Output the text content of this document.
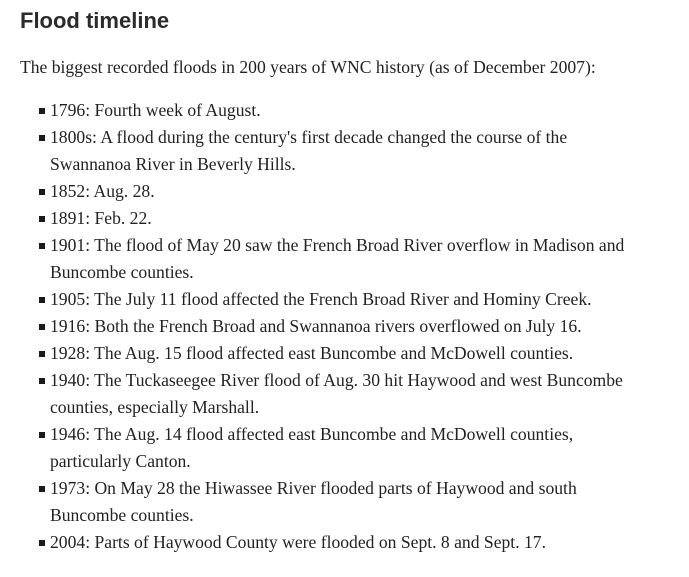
Flood timeline

The biggest recorded floods in 200 years of WNC history (as of December 2007):

1796: Fourth week of August.
1800s: A flood during the century's first decade changed the course of the Swannanoa River in Beverly Hills.
1852: Aug. 28.
1891: Feb. 22.
1901: The flood of May 20 saw the French Broad River overflow in Madison and Buncombe counties.
1905: The July 11 flood affected the French Broad River and Hominy Creek.
1916: Both the French Broad and Swannanoa rivers overflowed on July 16.
1928: The Aug. 15 flood affected east Buncombe and McDowell counties.
1940: The Tuckaseegee River flood of Aug. 30 hit Haywood and west Buncombe counties, especially Marshall.
1946: The Aug. 14 flood affected east Buncombe and McDowell counties, particularly Canton.
1973: On May 28 the Hiwassee River flooded parts of Haywood and south Buncombe counties.
2004: Parts of Haywood County were flooded on Sept. 8 and Sept. 17.
